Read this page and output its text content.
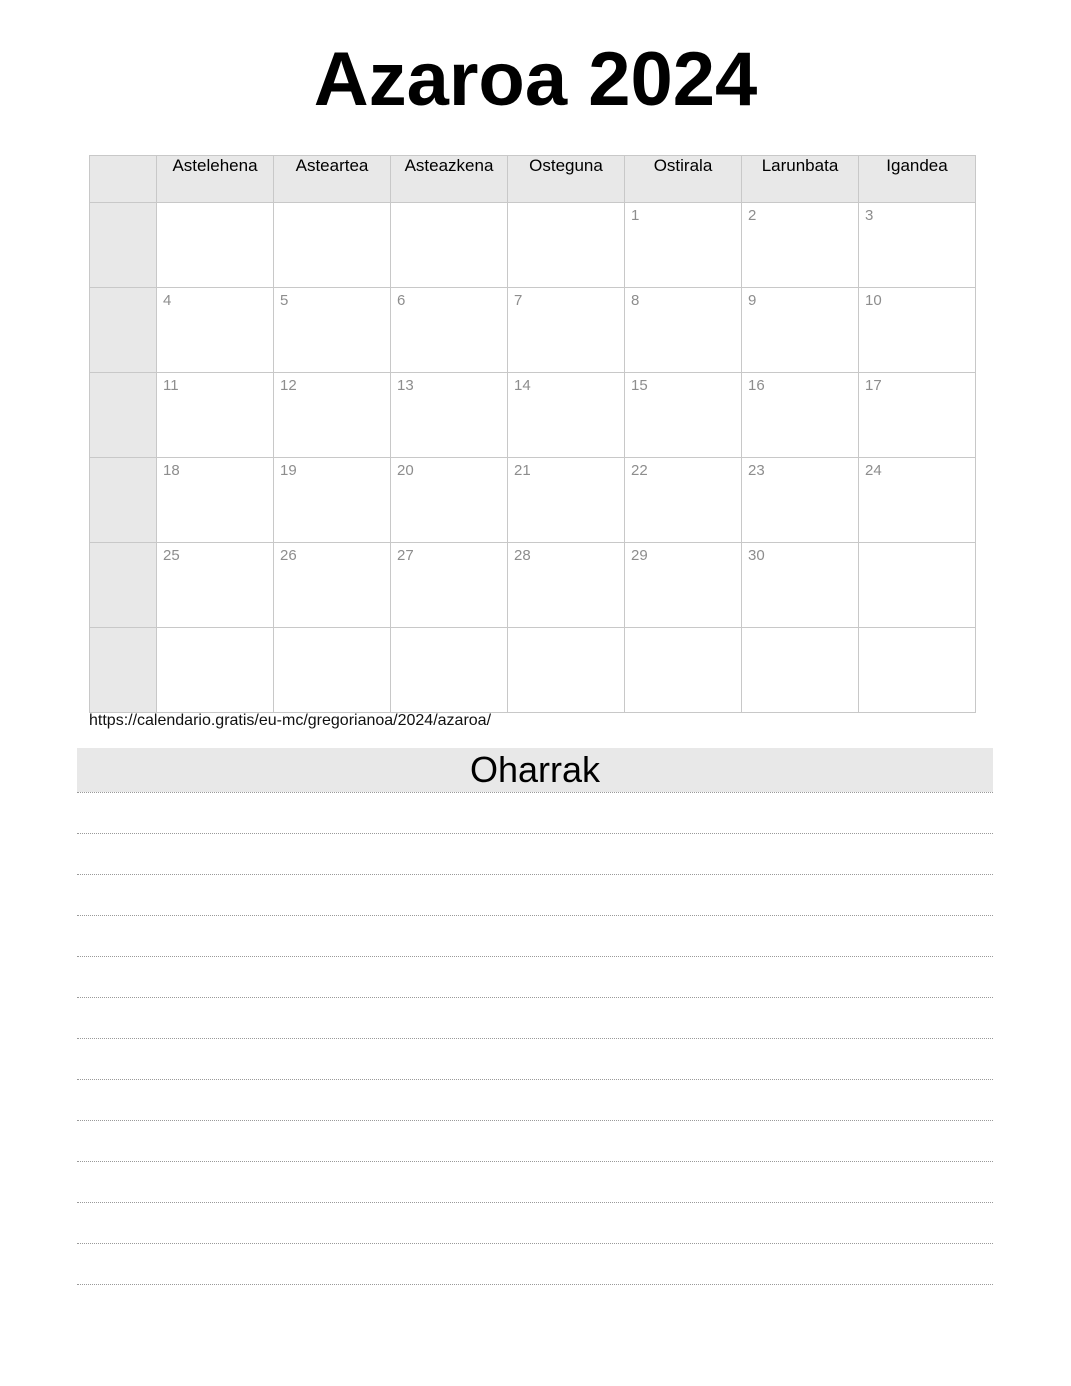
Azaroa 2024
	Astelehena	Asteartea	Asteazkena	Osteguna	Ostirala	Larunbata	Igandea

					1	2	3

	4	5	6	7	8	9	10

	11	12	13	14	15	16	17

	18	19	20	21	22	23	24

	25	26	27	28	29	30	

https://calendario.gratis/eu-mc/gregorianoa/2024/azaroa/
Oharrak
